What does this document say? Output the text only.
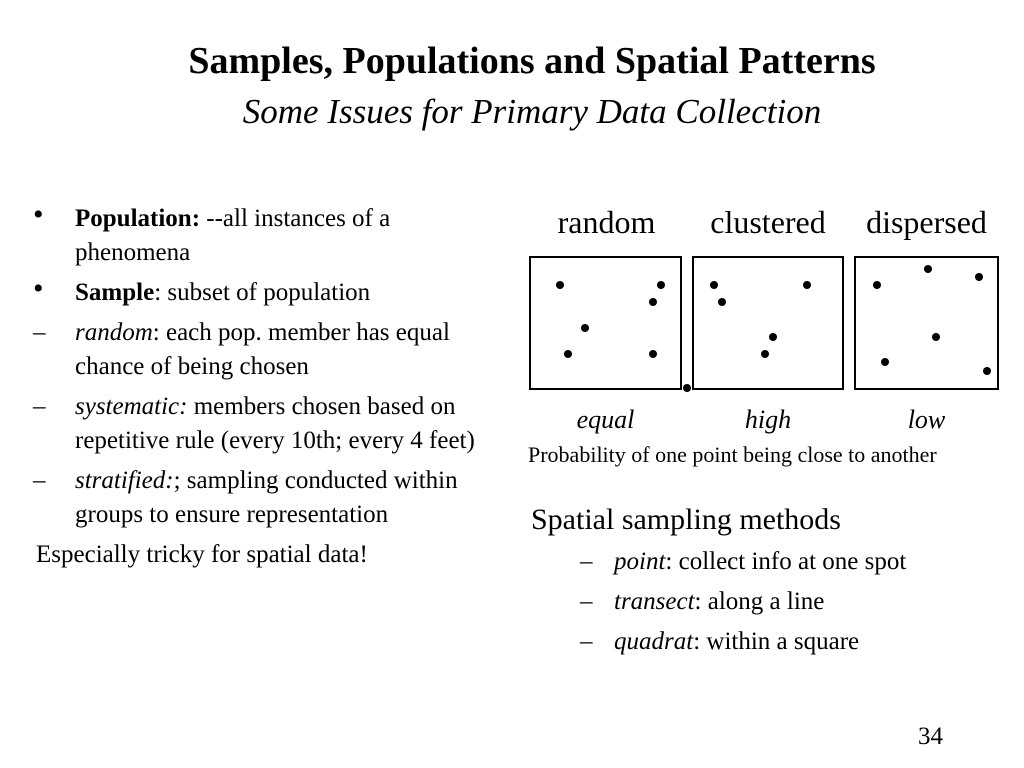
Samples, Populations and Spatial Patterns
Some Issues for Primary Data Collection
•	Population: --all instances of a phenomena
•	Sample: subset of population
–	random: each pop. member has equal chance of being chosen
–	systematic: members chosen based on repetitive rule (every 10th; every 4 feet)
–	stratified:; sampling conducted within groups to ensure representation
Especially tricky for spatial data!
random	clustered	dispersed
equal	high	low
Probability of one point being close to another
Spatial sampling methods
– point: collect info at one spot
– transect: along a line
– quadrat: within a square
34
